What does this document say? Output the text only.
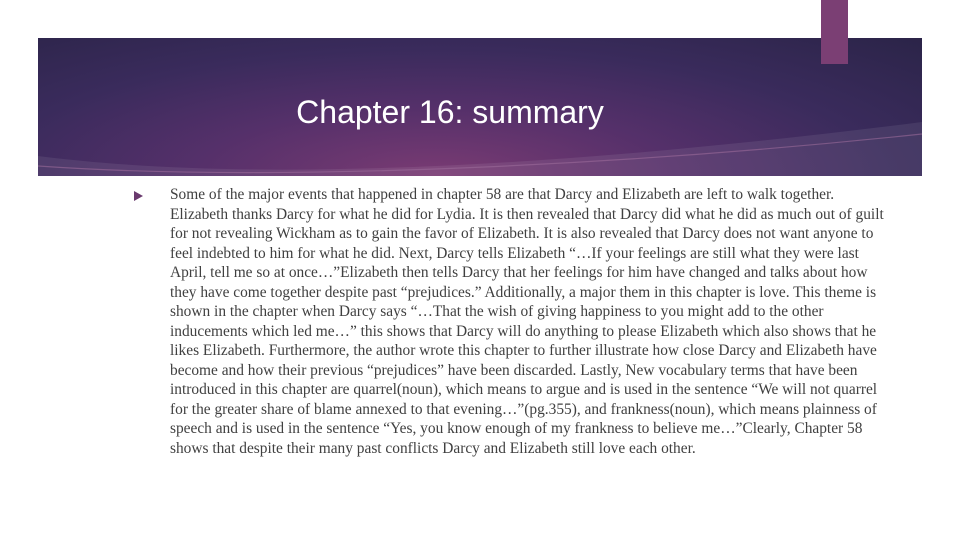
Chapter 16: summary

Some of the major events that happened in chapter 58 are that Darcy and Elizabeth are left to walk together. Elizabeth thanks Darcy for what he did for Lydia. It is then revealed that Darcy did what he did as much out of guilt for not revealing Wickham as to gain the favor of Elizabeth. It is also revealed that Darcy does not want anyone to feel indebted to him for what he did. Next, Darcy tells Elizabeth “…If your feelings are still what they were last April, tell me so at once…”Elizabeth then tells Darcy that her feelings for him have changed and talks about how they have come together despite past “prejudices.” Additionally, a major them in this chapter is love. This theme is shown in the chapter when Darcy says “…That the wish of giving happiness to you might add to the other inducements which led me…” this shows that Darcy will do anything to please Elizabeth which also shows that he likes Elizabeth. Furthermore, the author wrote this chapter to further illustrate how close Darcy and Elizabeth have become and how their previous “prejudices” have been discarded. Lastly, New vocabulary terms that have been introduced in this chapter are quarrel(noun), which means to argue and is used in the sentence “We will not quarrel for the greater share of blame annexed to that evening…”(pg.355), and frankness(noun), which means plainness of speech and is used in the sentence “Yes, you know enough of my frankness to believe me…”Clearly, Chapter 58 shows that despite their many past conflicts Darcy and Elizabeth still love each other.
